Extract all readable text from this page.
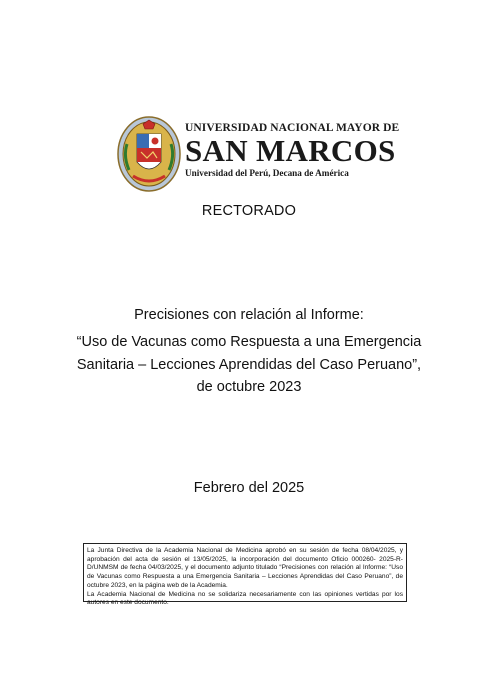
UNIVERSIDAD NACIONAL MAYOR DE
SAN MARCOS
Universidad del Perú, Decana de América
RECTORADO
Precisiones con relación al Informe:
“Uso de Vacunas como Respuesta a una Emergencia Sanitaria – Lecciones Aprendidas del Caso Peruano”, de octubre 2023
Febrero del 2025

La Junta Directiva de la Academia Nacional de Medicina aprobó en su sesión de fecha 08/04/2025, y aprobación del acta de sesión el 13/05/2025, la incorporación del documento Oficio 000260- 2025-R-D/UNMSM de fecha 04/03/2025, y el documento adjunto titulado “Precisiones con relación al Informe: “Uso de Vacunas como Respuesta a una Emergencia Sanitaria – Lecciones Aprendidas del Caso Peruano”, de octubre 2023, en la página web de la Academia.

La Academia Nacional de Medicina no se solidariza necesariamente con las opiniones vertidas por los autores en este documento.
